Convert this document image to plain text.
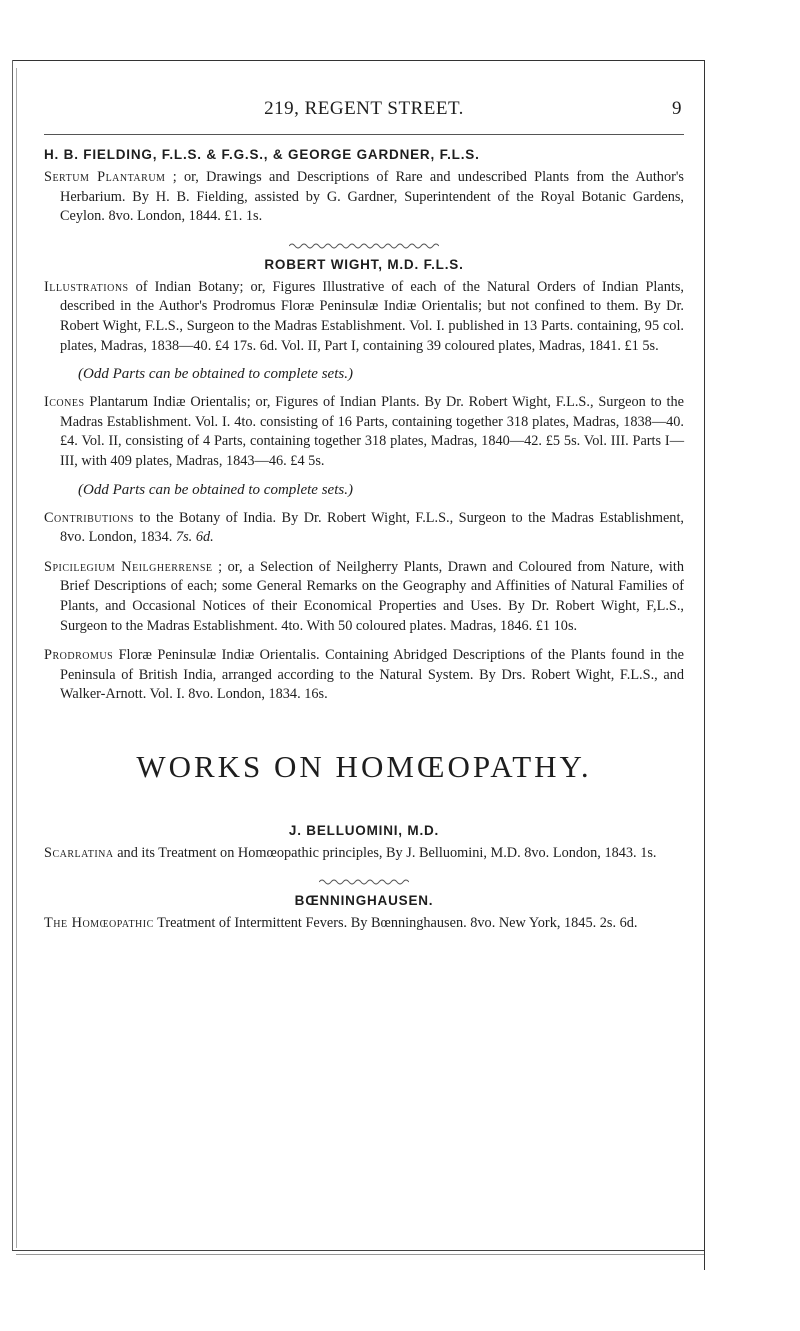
219, REGENT STREET.	9

H. B. FIELDING, F.L.S. & F.G.S., & GEORGE GARDNER, F.L.S.

Sertum Plantarum ; or, Drawings and Descriptions of Rare and undescribed Plants from the Author's Herbarium. By H. B. Fielding, assisted by G. Gardner, Superintendent of the Royal Botanic Gardens, Ceylon. 8vo. London, 1844. £1. 1s.

ROBERT WIGHT, M.D. F.L.S.

Illustrations of Indian Botany; or, Figures Illustrative of each of the Natural Orders of Indian Plants, described in the Author's Prodromus Floræ Peninsulæ Indiæ Orientalis; but not confined to them. By Dr. Robert Wight, F.L.S., Surgeon to the Madras Establishment. Vol. I. published in 13 Parts. containing, 95 col. plates, Madras, 1838—40. £4 17s. 6d. Vol. II, Part I, containing 39 coloured plates, Madras, 1841. £1 5s.

(Odd Parts can be obtained to complete sets.)

Icones Plantarum Indiæ Orientalis; or, Figures of Indian Plants. By Dr. Robert Wight, F.L.S., Surgeon to the Madras Establishment. Vol. I. 4to. consisting of 16 Parts, containing together 318 plates, Madras, 1838—40. £4. Vol. II, consisting of 4 Parts, containing together 318 plates, Madras, 1840—42. £5 5s. Vol. III. Parts I—III, with 409 plates, Madras, 1843—46. £4 5s.

(Odd Parts can be obtained to complete sets.)

Contributions to the Botany of India. By Dr. Robert Wight, F.L.S., Surgeon to the Madras Establishment, 8vo. London, 1834. 7s. 6d.

Spicilegium Neilgherrense ; or, a Selection of Neilgherry Plants, Drawn and Coloured from Nature, with Brief Descriptions of each; some General Remarks on the Geography and Affinities of Natural Families of Plants, and Occasional Notices of their Economical Properties and Uses. By Dr. Robert Wight, F,L.S., Surgeon to the Madras Establishment. 4to. With 50 coloured plates. Madras, 1846. £1 10s.

Prodromus Floræ Peninsulæ Indiæ Orientalis. Containing Abridged Descriptions of the Plants found in the Peninsula of British India, arranged according to the Natural System. By Drs. Robert Wight, F.L.S., and Walker-Arnott. Vol. I. 8vo. London, 1834. 16s.

WORKS ON HOMŒOPATHY.

J. BELLUOMINI, M.D.

Scarlatina and its Treatment on Homœopathic principles, By J. Belluomini, M.D. 8vo. London, 1843. 1s.

BŒNNINGHAUSEN.

The Homœopathic Treatment of Intermittent Fevers. By Bœnninghausen. 8vo. New York, 1845. 2s. 6d.
